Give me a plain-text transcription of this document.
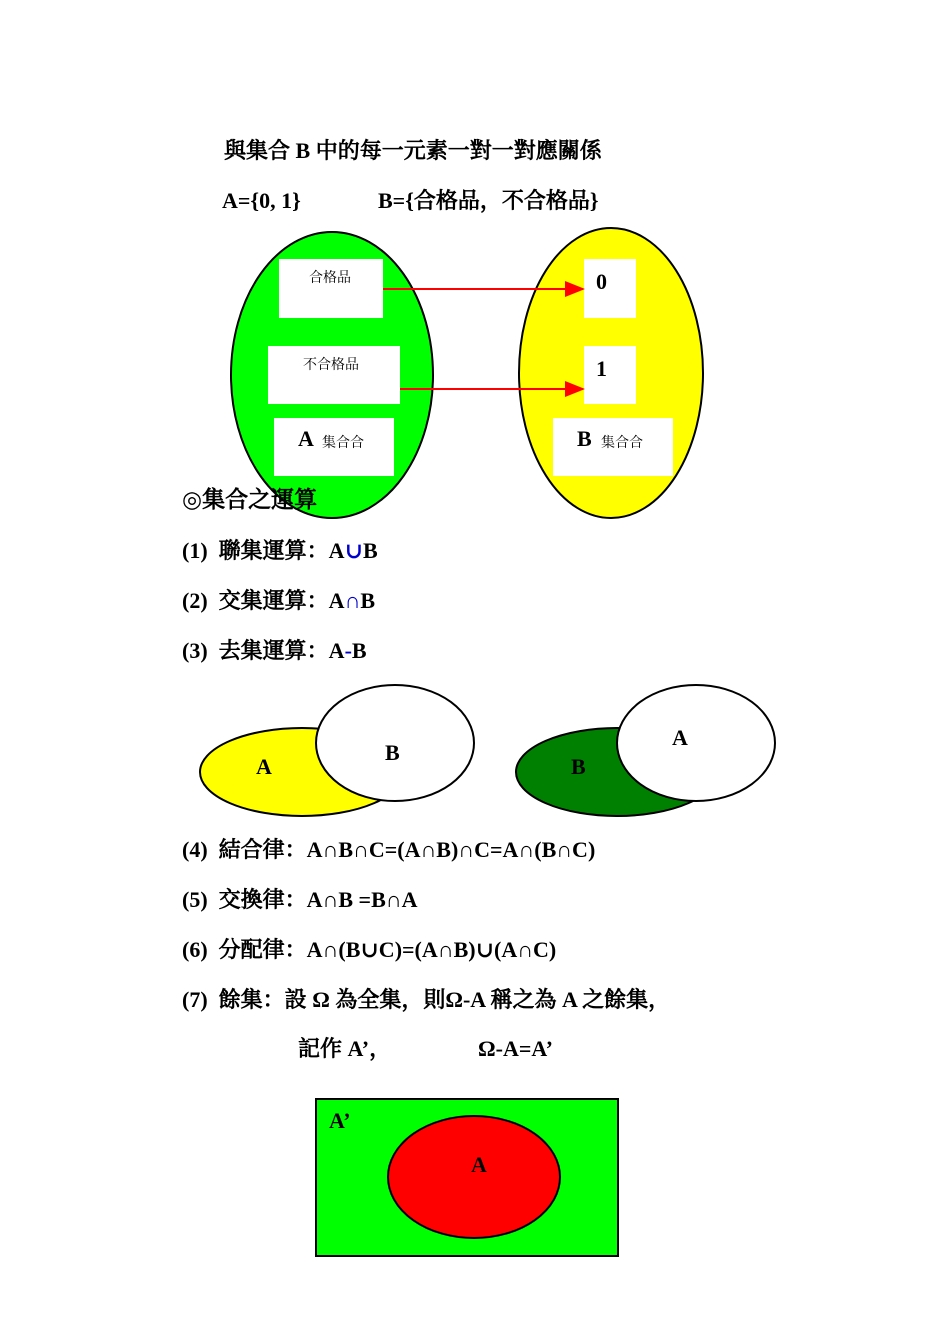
與集合 B 中的每一元素一對一對應關係
A={0, 1}	B={合格品，不合格品}
合格品
不合格品
A 集合合
0
1
B 集合合
◎集合之運算
(1) 聯集運算：A∪B
(2) 交集運算：A∩B
(3) 去集運算：A-B
A
B
B
A
(4) 結合律：A∩B∩C=(A∩B)∩C=A∩(B∩C)
(5) 交換律：A∩B =B∩A
(6) 分配律：A∩(B∪C)=(A∩B)∪(A∩C)
(7) 餘集：設 Ω 為全集，則Ω-A 稱之為 A 之餘集，
記作 A’，	Ω-A=A’
A’
A
